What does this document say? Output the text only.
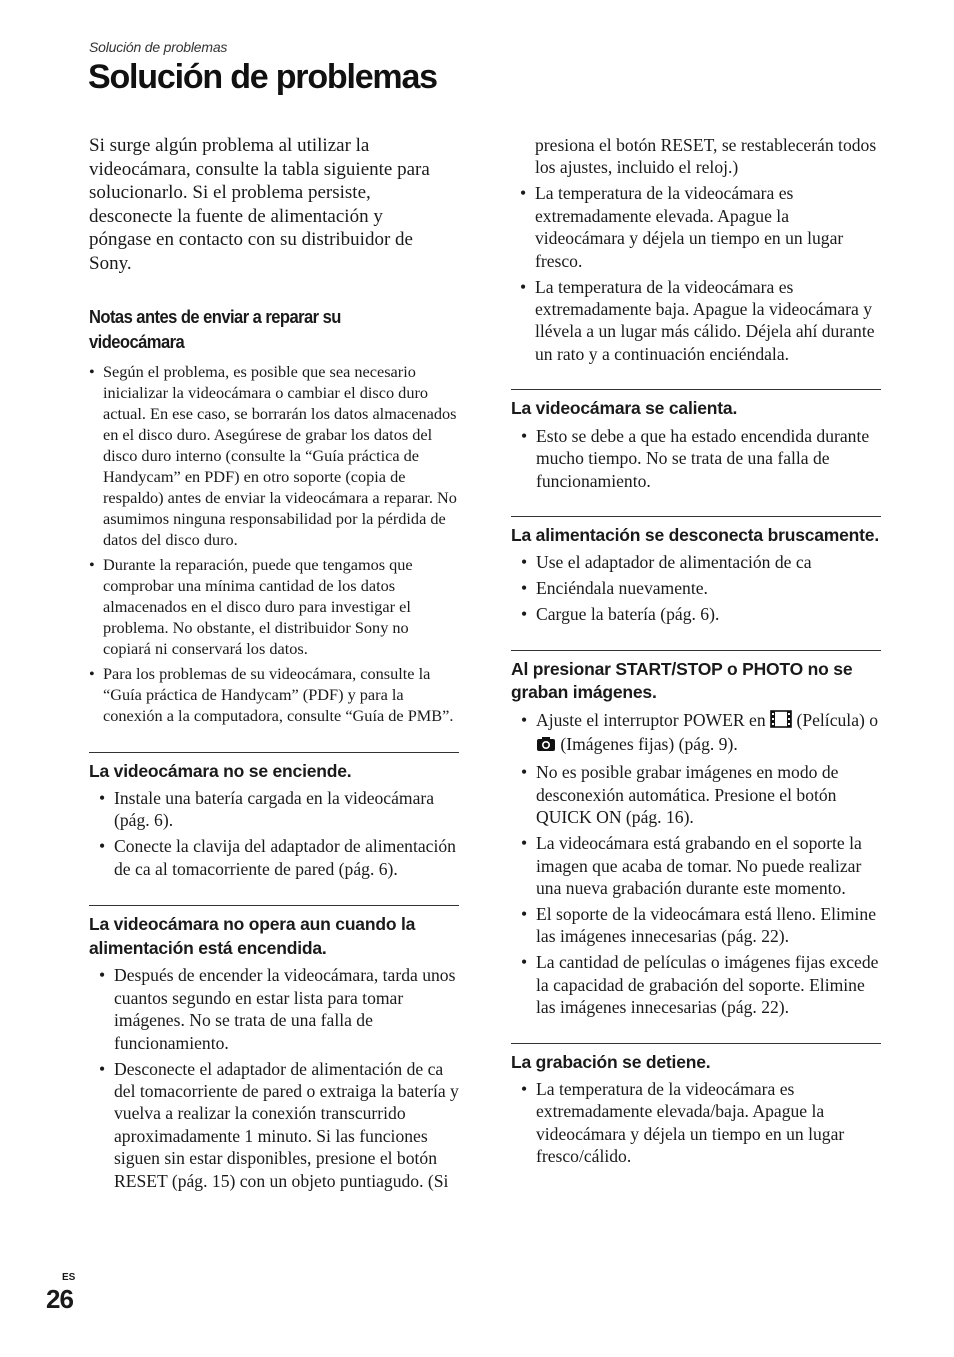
Solución de problemas
Solución de problemas

Si surge algún problema al utilizar la videocámara, consulte la tabla siguiente para solucionarlo. Si el problema persiste, desconecte la fuente de alimentación y póngase en contacto con su distribuidor de Sony.

Notas antes de enviar a reparar su videocámara
• Según el problema, es posible que sea necesario inicializar la videocámara o cambiar el disco duro actual. En ese caso, se borrarán los datos almacenados en el disco duro. Asegúrese de grabar los datos del disco duro interno (consulte la “Guía práctica de Handycam” en PDF) en otro soporte (copia de respaldo) antes de enviar la videocámara a reparar. No asumimos ninguna responsabilidad por la pérdida de datos del disco duro.
• Durante la reparación, puede que tengamos que comprobar una mínima cantidad de los datos almacenados en el disco duro para investigar el problema. No obstante, el distribuidor Sony no copiará ni conservará los datos.
• Para los problemas de su videocámara, consulte la “Guía práctica de Handycam” (PDF) y para la conexión a la computadora, consulte “Guía de PMB”.
La videocámara no se enciende.
• Instale una batería cargada en la videocámara (pág. 6).
• Conecte la clavija del adaptador de alimentación de ca al tomacorriente de pared (pág. 6).
La videocámara no opera aun cuando la alimentación está encendida.
• Después de encender la videocámara, tarda unos cuantos segundo en estar lista para tomar imágenes. No se trata de una falla de funcionamiento.
• Desconecte el adaptador de alimentación de ca del tomacorriente de pared o extraiga la batería y vuelva a realizar la conexión transcurrido aproximadamente 1 minuto. Si las funciones siguen sin estar disponibles, presione el botón RESET (pág. 15) con un objeto puntiagudo. (Si
presiona el botón RESET, se restablecerán todos los ajustes, incluido el reloj.)
• La temperatura de la videocámara es extremadamente elevada. Apague la videocámara y déjela un tiempo en un lugar fresco.
• La temperatura de la videocámara es extremadamente baja. Apague la videocámara y llévela a un lugar más cálido. Déjela ahí durante un rato y a continuación enciéndala.
La videocámara se calienta.
• Esto se debe a que ha estado encendida durante mucho tiempo. No se trata de una falla de funcionamiento.
La alimentación se desconecta bruscamente.
• Use el adaptador de alimentación de ca
• Enciéndala nuevamente.
• Cargue la batería (pág. 6).
Al presionar START/STOP o PHOTO no se graban imágenes.
• Ajuste el interruptor POWER en (Película) o  (Imágenes fijas) (pág. 9).
• No es posible grabar imágenes en modo de desconexión automática. Presione el botón QUICK ON (pág. 16).
• La videocámara está grabando en el soporte la imagen que acaba de tomar. No puede realizar una nueva grabación durante este momento.
• El soporte de la videocámara está lleno. Elimine las imágenes innecesarias (pág. 22).
• La cantidad de películas o imágenes fijas excede la capacidad de grabación del soporte. Elimine las imágenes innecesarias (pág. 22).
La grabación se detiene.
• La temperatura de la videocámara es extremadamente elevada/baja. Apague la videocámara y déjela un tiempo en un lugar fresco/cálido.
ES
26
